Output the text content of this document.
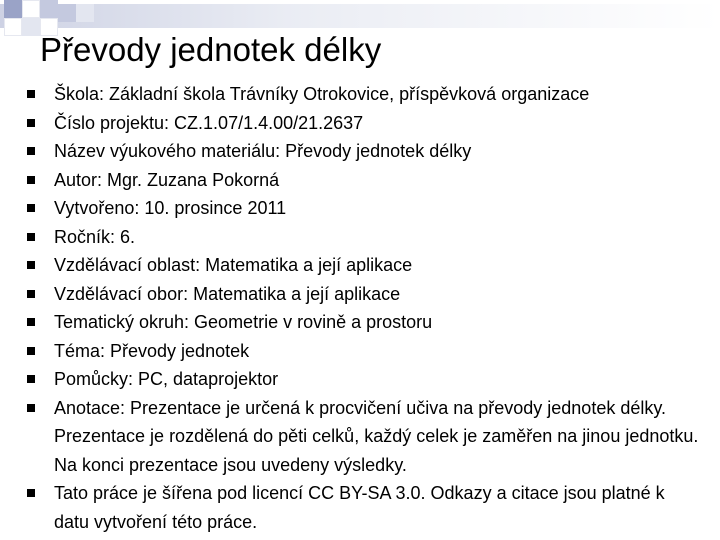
Převody jednotek délky
Škola: Základní škola Trávníky Otrokovice, příspěvková organizace
Číslo projektu: CZ.1.07/1.4.00/21.2637
Název výukového materiálu: Převody jednotek délky
Autor: Mgr. Zuzana Pokorná
Vytvořeno: 10. prosince 2011
Ročník: 6.
Vzdělávací oblast: Matematika a její aplikace
Vzdělávací obor: Matematika a její aplikace
Tematický okruh: Geometrie v rovině a prostoru
Téma: Převody jednotek
Pomůcky: PC, dataprojektor
Anotace: Prezentace je určená k procvičení učiva na převody jednotek délky. Prezentace je rozdělená do pěti celků, každý celek je zaměřen na jinou jednotku. Na konci prezentace jsou uvedeny výsledky.
Tato práce je šířena pod licencí CC BY-SA 3.0. Odkazy a citace jsou platné k datu vytvoření této práce.
